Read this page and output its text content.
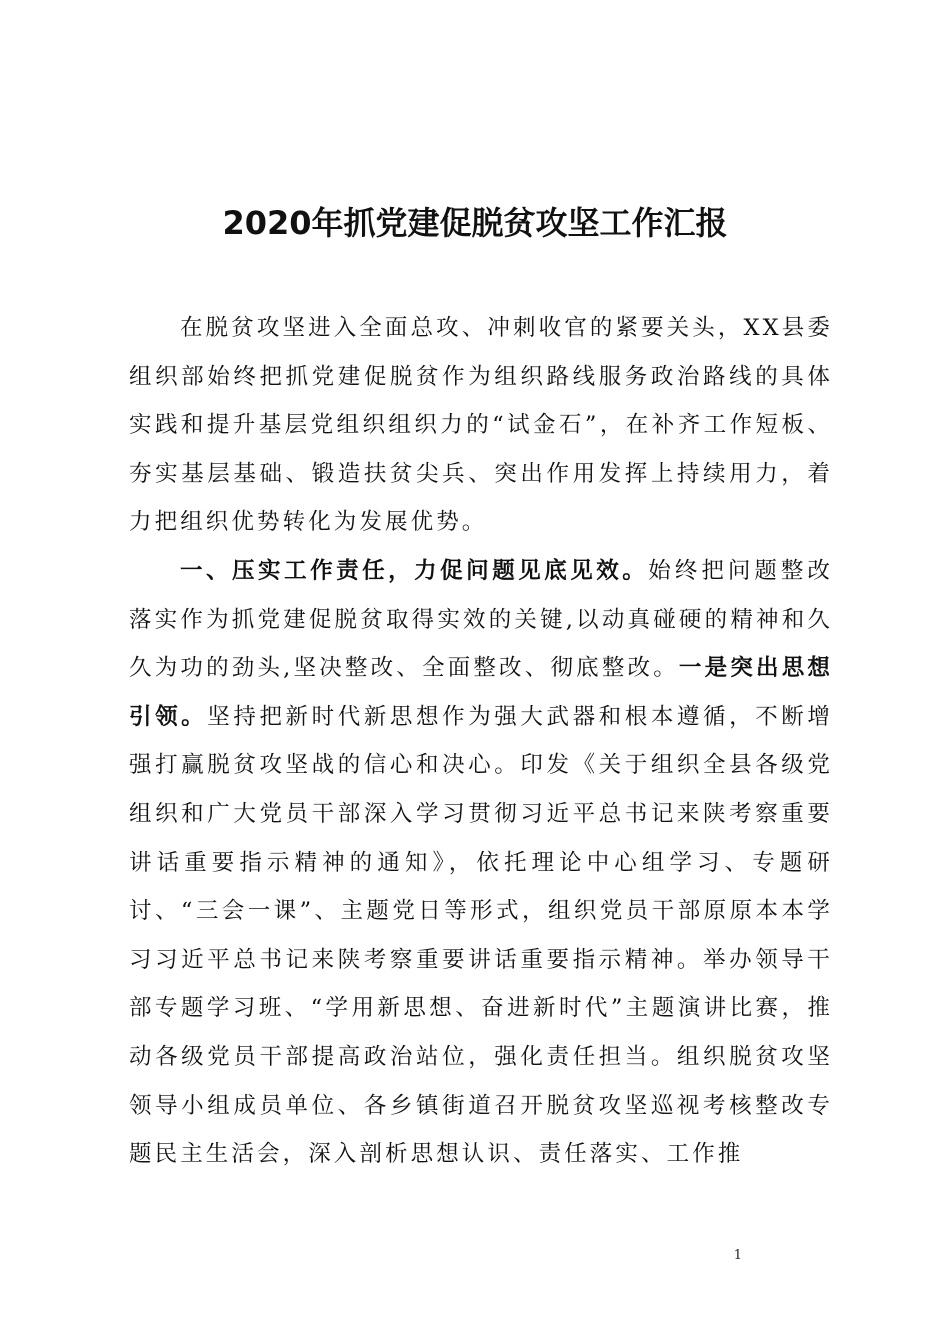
2020年抓党建促脱贫攻坚工作汇报

在脱贫攻坚进入全面总攻、冲刺收官的紧要关头，XX县委组织部始终把抓党建促脱贫作为组织路线服务政治路线的具体实践和提升基层党组织组织力的“试金石”，在补齐工作短板、夯实基层基础、锻造扶贫尖兵、突出作用发挥上持续用力，着力把组织优势转化为发展优势。

一、压实工作责任，力促问题见底见效。始终把问题整改落实作为抓党建促脱贫取得实效的关键,以动真碰硬的精神和久久为功的劲头,坚决整改、全面整改、彻底整改。一是突出思想引领。坚持把新时代新思想作为强大武器和根本遵循，不断增强打赢脱贫攻坚战的信心和决心。印发《关于组织全县各级党组织和广大党员干部深入学习贯彻习近平总书记来陕考察重要讲话重要指示精神的通知》，依托理论中心组学习、专题研讨、“三会一课”、主题党日等形式，组织党员干部原原本本学习习近平总书记来陕考察重要讲话重要指示精神。举办领导干部专题学习班、“学用新思想、奋进新时代”主题演讲比赛，推动各级党员干部提高政治站位，强化责任担当。组织脱贫攻坚领导小组成员单位、各乡镇街道召开脱贫攻坚巡视考核整改专题民主生活会，深入剖析思想认识、责任落实、工作推

1
